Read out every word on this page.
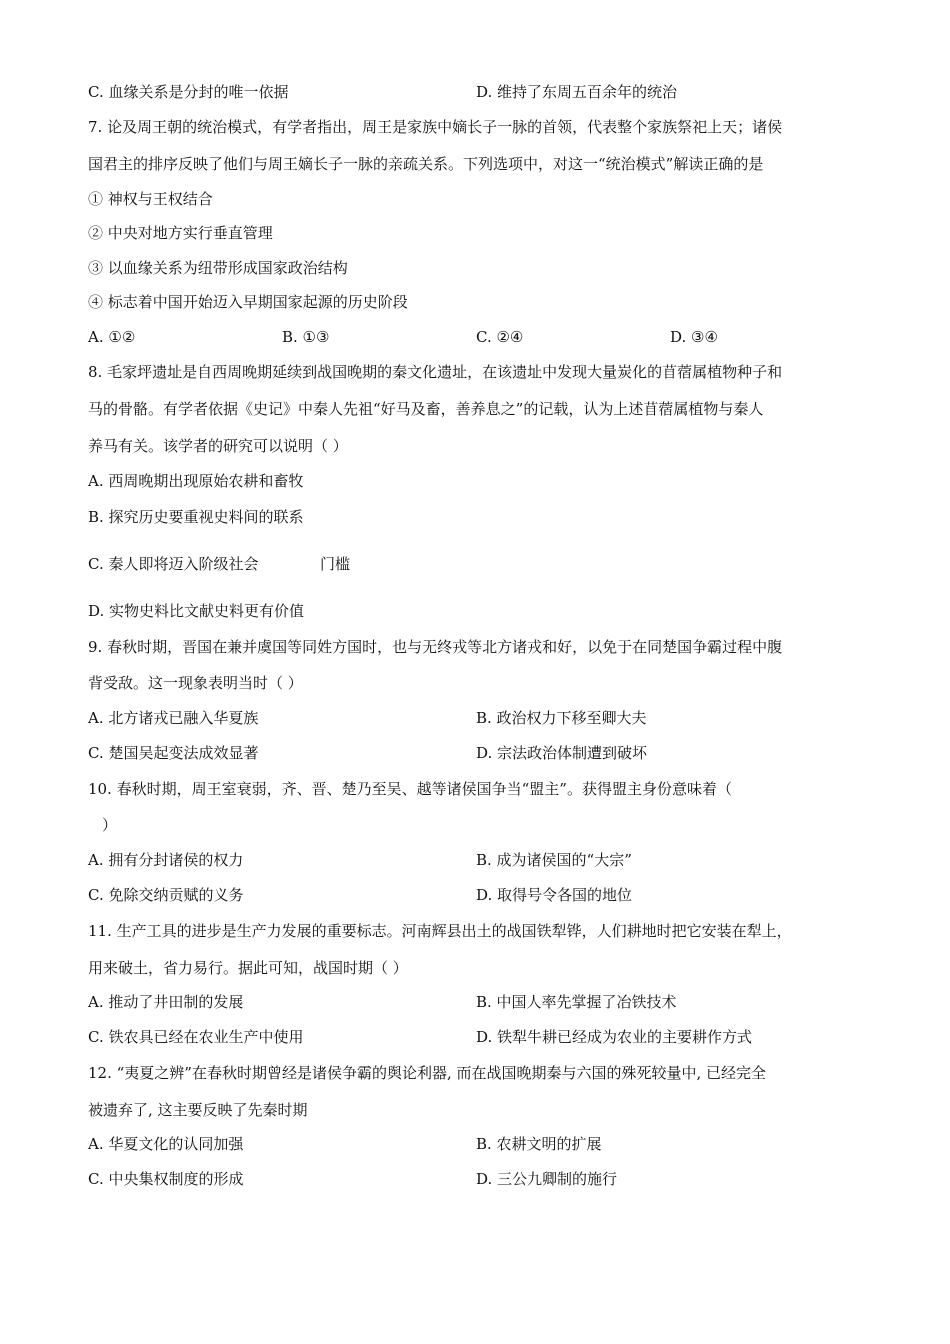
C. 血缘关系是分封的唯一依据	D. 维持了东周五百余年的统治
7. 论及周王朝的统治模式，有学者指出，周王是家族中嫡长子一脉的首领，代表整个家族祭祀上天；诸侯
国君主的排序反映了他们与周王嫡长子一脉的亲疏关系。下列选项中，对这一“统治模式”解读正确的是
① 神权与王权结合
② 中央对地方实行垂直管理
③ 以血缘关系为纽带形成国家政治结构
④ 标志着中国开始迈入早期国家起源的历史阶段
A. ①②	B. ①③	C. ②④	D. ③④
8. 毛家坪遗址是自西周晚期延续到战国晚期的秦文化遗址，在该遗址中发现大量炭化的苜蓿属植物种子和
马的骨骼。有学者依据《史记》中秦人先祖“好马及畜，善养息之”的记载，认为上述苜蓿属植物与秦人
养马有关。该学者的研究可以说明（ ）
A. 西周晚期出现原始农耕和畜牧
B. 探究历史要重视史料间的联系
C. 秦人即将迈入阶级社会	门槛
D. 实物史料比文献史料更有价值
9. 春秋时期，晋国在兼并虞国等同姓方国时，也与无终戎等北方诸戎和好，以免于在同楚国争霸过程中腹
背受敌。这一现象表明当时（ ）
A. 北方诸戎已融入华夏族	B. 政治权力下移至卿大夫
C. 楚国吴起变法成效显著	D. 宗法政治体制遭到破坏
10. 春秋时期，周王室衰弱，齐、晋、楚乃至吴、越等诸侯国争当“盟主”。获得盟主身份意味着（
）
A. 拥有分封诸侯的权力	B. 成为诸侯国的“大宗”
C. 免除交纳贡赋的义务	D. 取得号令各国的地位
11. 生产工具的进步是生产力发展的重要标志。河南辉县出土的战国铁犁铧，人们耕地时把它安装在犁上，
用来破土，省力易行。据此可知，战国时期（ ）
A. 推动了井田制的发展	B. 中国人率先掌握了冶铁技术
C. 铁农具已经在农业生产中使用	D. 铁犁牛耕已经成为农业的主要耕作方式
12. “夷夏之辨”在春秋时期曾经是诸侯争霸的舆论利器, 而在战国晚期秦与六国的殊死较量中, 已经完全
被遗弃了, 这主要反映了先秦时期
A. 华夏文化的认同加强	B. 农耕文明的扩展
C. 中央集权制度的形成	D. 三公九卿制的施行
